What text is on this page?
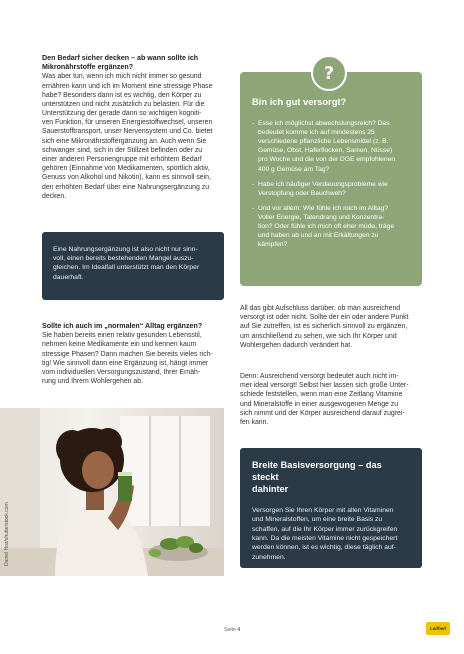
Den Bedarf sicher decken – ab wann sollte ich Mikronährstoffe ergänzen?
Was aber tun, wenn ich mich nicht immer so gesund
ernähren kann und ich im Moment eine stressige Phase
habe? Besonders dann ist es wichtig, den Körper zu
unterstützen und nicht zusätzlich zu belasten. Für die
Unterstützung der gerade dann so wichtigen kogniti-
ven Funktion, für unseren Energiestoffwechsel, unseren
Sauerstofftransport, unser Nervensystem und Co. bietet
sich eine Mikronährstoffergänzung an. Auch wenn Sie
schwanger sind, sich in der Stillzeit befinden oder zu
einer anderen Personengruppe mit erhöhtem Bedarf
gehören (Einnahme von Medikamenten, sportlich aktiv,
Genuss von Alkohol und Nikotin), kann es sinnvoll sein,
den erhöhten Bedarf über eine Nahrungsergänzung zu
decken.

Eine Nahrungsergänzung ist also nicht nur sinn-
voll, einen bereits bestehenden Mangel auszu-
gleichen. Im Idealfall unterstützt man den Körper
dauerhaft.

Sollte ich auch im „normalen“ Alltag ergänzen?
Sie haben bereits einen relativ gesunden Lebensstil,
nehmen keine Medikamente ein und kennen kaum
stressige Phasen? Dann machen Sie bereits vieles rich-
tig! Wie sinnvoll dann eine Ergänzung ist, hängt immer
vom individuellen Versorgungszustand, Ihrer Ernäh-
rung und Ihrem Wohlergehen ab.
Bin ich gut versorgt?
- Esse ich möglichst abwechslungsreich? Das
bedeutet komme ich auf mindestens 25
verschiedene pflanzliche Lebensmittel (z. B.
Gemüse, Obst, Haferflocken, Samen, Nüsse)
pro Woche und die von der DGE empfohlenen
400 g Gemüse am Tag?
- Habe ich häufiger Verdauungsprobleme wie
Verstopfung oder Bauchweh?
- Und vor allem: Wie fühle ich mich im Alltag?
Voller Energie, Tatendrang und Konzentra-
tion? Oder fühle ich mich oft eher müde, träge
und haben ab und an mit Erkältungen zu
kämpfen?
?
All das gibt Aufschluss darüber, ob man ausreichend
versorgt ist oder nicht. Sollte der ein oder andere Punkt
auf Sie zutreffen, ist es sicherlich sinnvoll zu ergänzen,
um anschließend zu sehen, wie sich Ihr Körper und
Wohlergehen dadurch verändert hat.
Denn: Ausreichend versorgt bedeutet auch nicht im-
mer ideal versorgt! Selbst hier lassen sich große Unter-
schiede feststellen, wenn man eine Zeitlang Vitamine
und Mineralstoffe in einer ausgewogenen Menge zu
sich nimmt und der Körper ausreichend darauf zugrei-
fen kann.
Daniel Hoz/shutterstock.com
Breite Basisversorgung – das steckt
dahinter

Versorgen Sie Ihren Körper mit allen Vitaminen
und Mineralstoffen, um eine breite Basis zu
schaffen, auf die Ihr Körper immer zurückgreifen
kann. Da die meisten Vitamine nicht gespeichert
werden können, ist es wichtig, diese täglich auf-
zunehmen.

Seite 4	Leifheit
